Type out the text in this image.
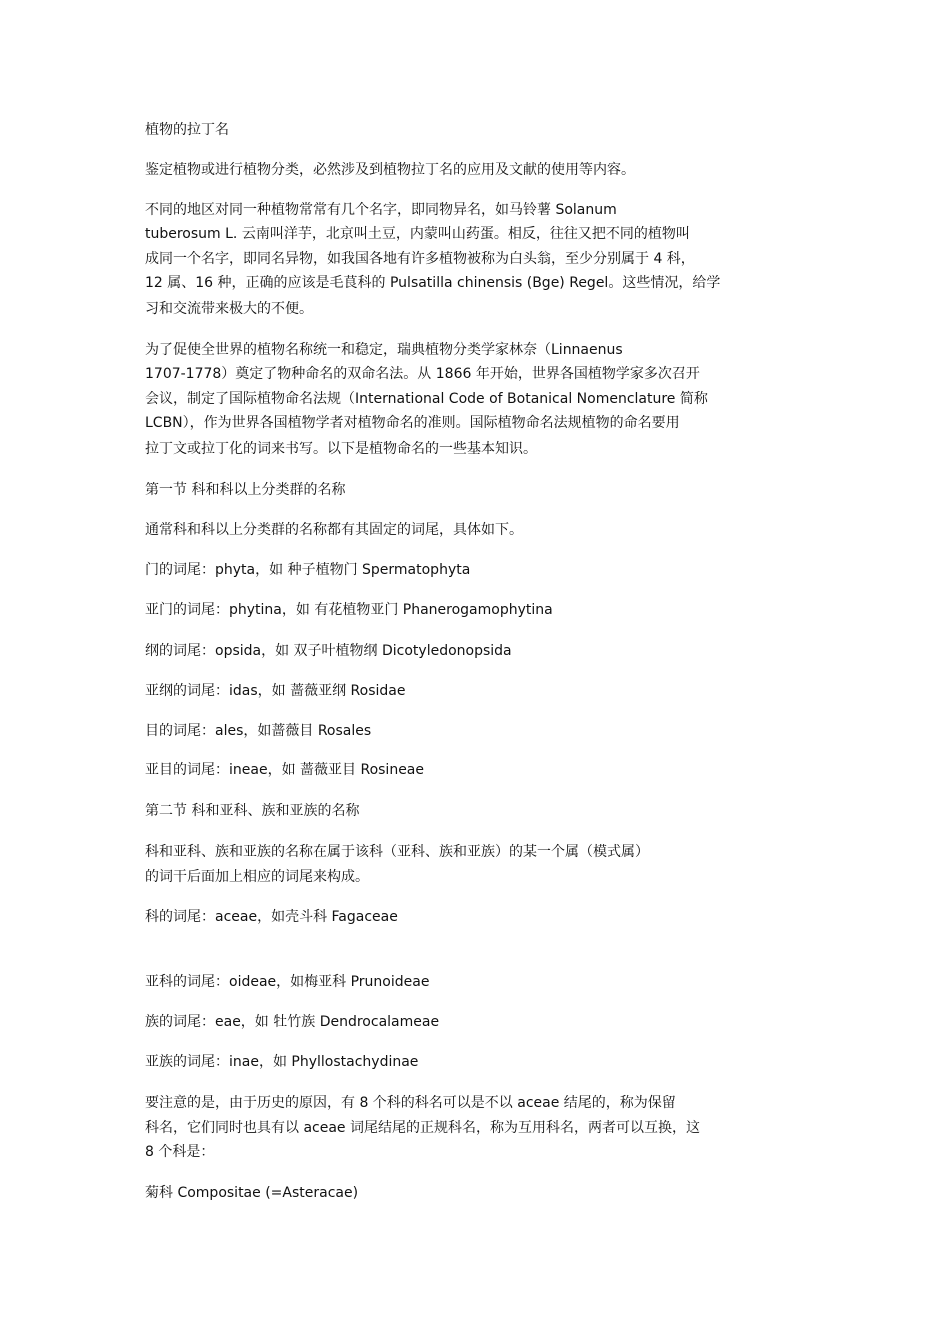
植物的拉丁名
鉴定植物或进行植物分类，必然涉及到植物拉丁名的应用及文献的使用等内容。
不同的地区对同一种植物常常有几个名字，即同物异名，如马铃薯 Solanum
tuberosum L. 云南叫洋芋，北京叫土豆，内蒙叫山药蛋。相反，往往又把不同的植物叫
成同一个名字，即同名异物，如我国各地有许多植物被称为白头翁，至少分别属于 4 科，
12 属、16 种，正确的应该是毛茛科的 Pulsatilla chinensis (Bge) Regel。这些情况，给学
习和交流带来极大的不便。
为了促使全世界的植物名称统一和稳定，瑞典植物分类学家林奈（Linnaenus
1707-1778）奠定了物种命名的双命名法。从 1866 年开始，世界各国植物学家多次召开
会议，制定了国际植物命名法规（International Code of Botanical Nomenclature 简称
LCBN），作为世界各国植物学者对植物命名的准则。国际植物命名法规植物的命名要用
拉丁文或拉丁化的词来书写。以下是植物命名的一些基本知识。
第一节 科和科以上分类群的名称
通常科和科以上分类群的名称都有其固定的词尾，具体如下。
门的词尾：phyta，如 种子植物门 Spermatophyta
亚门的词尾：phytina，如 有花植物亚门 Phanerogamophytina
纲的词尾：opsida，如 双子叶植物纲 Dicotyledonopsida
亚纲的词尾：idas，如 蔷薇亚纲 Rosidae
目的词尾：ales，如蔷薇目 Rosales
亚目的词尾：ineae，如 蔷薇亚目 Rosineae
第二节 科和亚科、族和亚族的名称
科和亚科、族和亚族的名称在属于该科（亚科、族和亚族）的某一个属（模式属）
的词干后面加上相应的词尾来构成。
科的词尾：aceae，如壳斗科 Fagaceae
亚科的词尾：oideae，如梅亚科 Prunoideae
族的词尾：eae，如 牡竹族 Dendrocalameae
亚族的词尾：inae，如 Phyllostachydinae
要注意的是，由于历史的原因，有 8 个科的科名可以是不以 aceae 结尾的，称为保留
科名，它们同时也具有以 aceae 词尾结尾的正规科名，称为互用科名，两者可以互换，这
8 个科是：
菊科 Compositae (=Asteracae)
